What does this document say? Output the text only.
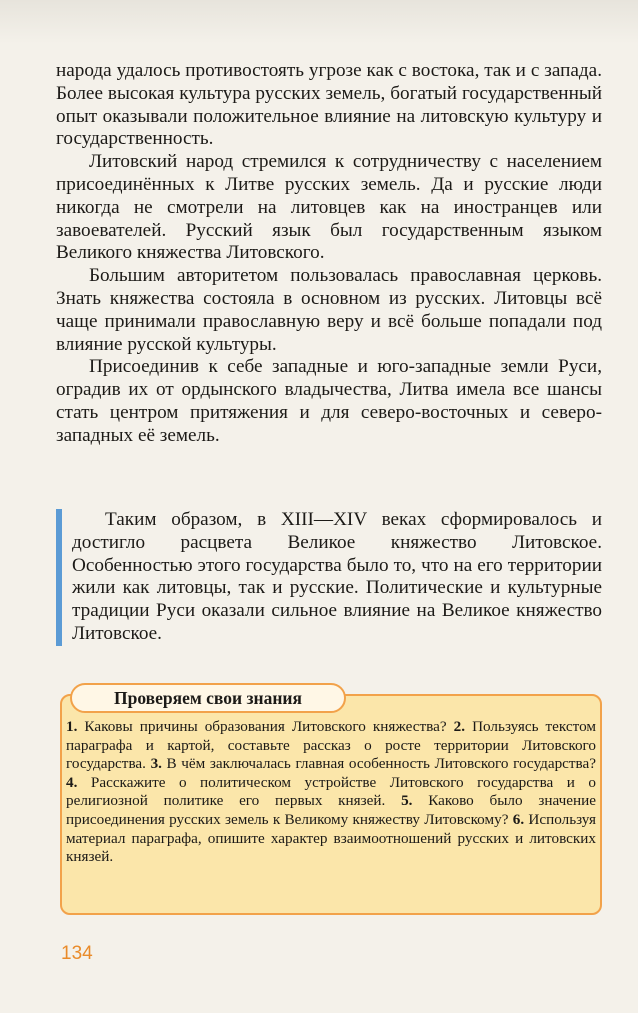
народа удалось противостоять угрозе как с востока, так и с запада. Более высокая культура русских земель, богатый государственный опыт оказывали положительное влияние на литовскую культуру и государственность.

Литовский народ стремился к сотрудничеству с населением присоединённых к Литве русских земель. Да и русские люди никогда не смотрели на литовцев как на иностранцев или завоевателей. Русский язык был государственным языком Великого княжества Литовского.

Большим авторитетом пользовалась православная церковь. Знать княжества состояла в основном из русских. Литовцы всё чаще принимали православную веру и всё больше попадали под влияние русской культуры.

Присоединив к себе западные и юго-западные земли Руси, оградив их от ордынского владычества, Литва имела все шансы стать центром притяжения и для северо-восточных и северо-западных её земель.

Таким образом, в XIII—XIV веках сформировалось и достигло расцвета Великое княжество Литовское. Особенностью этого государства было то, что на его территории жили как литовцы, так и русские. Политические и культурные традиции Руси оказали сильное влияние на Великое княжество Литовское.

Проверяем свои знания
1. Каковы причины образования Литовского княжества? 2. Пользуясь текстом параграфа и картой, составьте рассказ о росте территории Литовского государства. 3. В чём заключалась главная особенность Литовского государства? 4. Расскажите о политическом устройстве Литовского государства и о религиозной политике его первых князей. 5. Каково было значение присоединения русских земель к Великому княжеству Литовскому? 6. Используя материал параграфа, опишите характер взаимоотношений русских и литовских князей.
134
